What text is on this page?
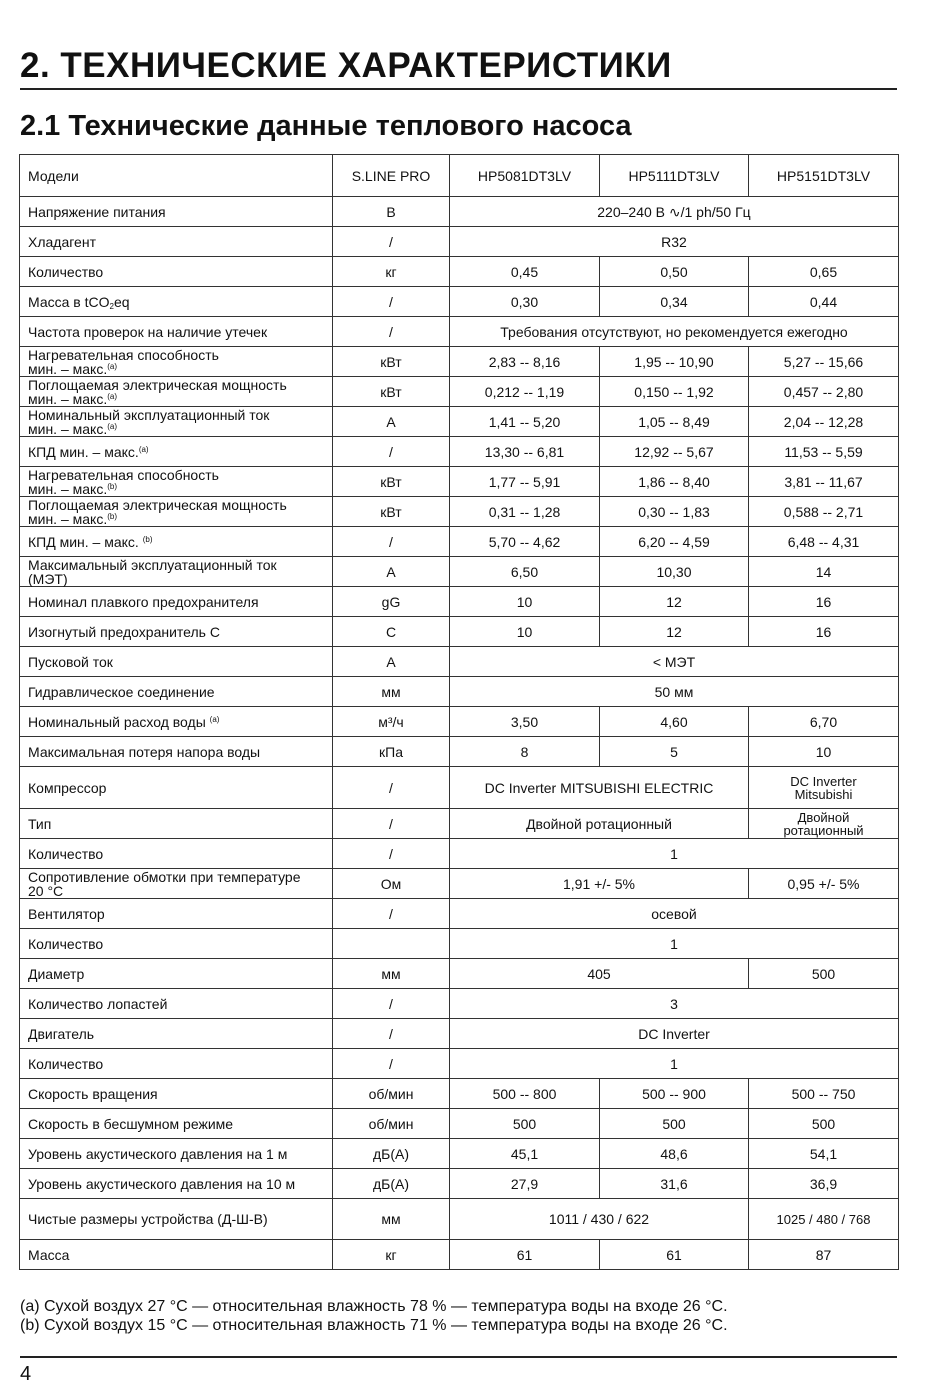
2. ТЕХНИЧЕСКИЕ ХАРАКТЕРИСТИКИ
2.1 Технические данные теплового насоса
Модели	S.LINE PRO	HP5081DT3LV	HP5111DT3LV	HP5151DT3LV
Напряжение питания	В	220–240 В ∿/1 ph/50 Гц		
Хладагент	/	R32		
Количество	кг	0,45	0,50	0,65
Масса в tCO$_2$eq	/	0,30	0,34	0,44
Частота проверок на наличие утечек	/	Требования отсутствуют, но рекомендуется ежегодно		
Нагревательная способность
мин. – макс.$^{(a)}$	кВт	2,83 -- 8,16	1,95 -- 10,90	5,27 -- 15,66
Поглощаемая электрическая мощность
мин. – макс.$^{(a)}$	кВт	0,212 -- 1,19	0,150 -- 1,92	0,457 -- 2,80
Номинальный эксплуатационный ток
мин. – макс.$^{(a)}$	А	1,41 -- 5,20	1,05 -- 8,49	2,04 -- 12,28
КПД мин. – макс.$^{(a)}$	/	13,30 -- 6,81	12,92 -- 5,67	11,53 -- 5,59
Нагревательная способность
мин. – макс.$^{(b)}$	кВт	1,77 -- 5,91	1,86 -- 8,40	3,81 -- 11,67
Поглощаемая электрическая мощность
мин. – макс.$^{(b)}$	кВт	0,31 -- 1,28	0,30 -- 1,83	0,588 -- 2,71
КПД мин. – макс. $^{(b)}$	/	5,70 -- 4,62	6,20 -- 4,59	6,48 -- 4,31
Максимальный эксплуатационный ток
(МЭТ)	А	6,50	10,30	14
Номинал плавкого предохранителя	gG	10	12	16
Изогнутый предохранитель С	C	10	12	16
Пусковой ток	А	< МЭТ		
Гидравлическое соединение	мм	50 мм		
Номинальный расход воды $^{(a)}$	м³/ч	3,50	4,60	6,70
Максимальная потеря напора воды	кПа	8	5	10
Компрессор	/	DC Inverter MITSUBISHI ELECTRIC		DC Inverter
Mitsubishi
Тип	/	Двойной ротационный		Двойной
ротационный
Количество	/	1		
Сопротивление обмотки при температуре
20 °C	Ом	1,91 +/- 5%		0,95 +/- 5%
Вентилятор	/	осевой		
Количество		1		
Диаметр	мм	405		500
Количество лопастей	/	3		
Двигатель	/	DC Inverter		
Количество	/	1		
Скорость вращения	об/мин	500 -- 800	500 -- 900	500 -- 750
Скорость в бесшумном режиме	об/мин	500	500	500
Уровень акустического давления на 1 м	дБ(А)	45,1	48,6	54,1
Уровень акустического давления на 10 м	дБ(А)	27,9	31,6	36,9
Чистые размеры устройства (Д-Ш-В)	мм	1011 / 430 / 622		1025 / 480 / 768
Масса	кг	61	61	87
(a) Сухой воздух 27 °C — относительная влажность 78 % — температура воды на входе 26 °C.
(b) Сухой воздух 15 °C — относительная влажность 71 % — температура воды на входе 26 °C.
4
